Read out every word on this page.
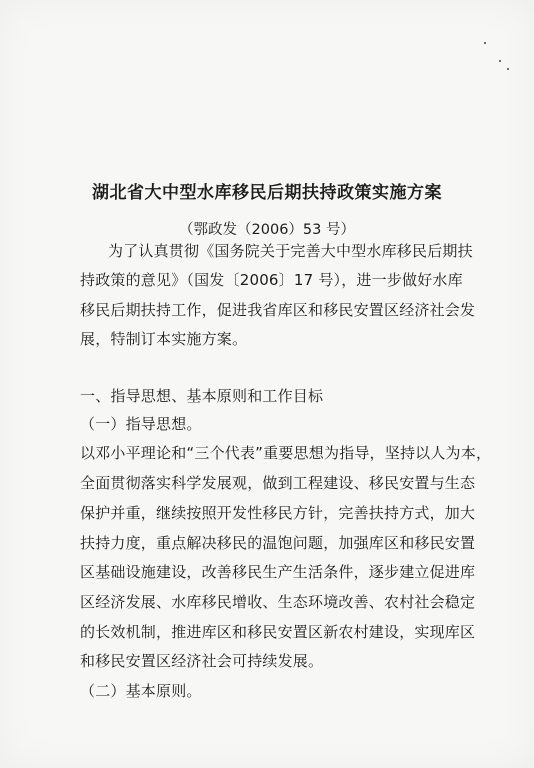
湖北省大中型水库移民后期扶持政策实施方案
（鄂政发（2006）53 号）
为了认真贯彻《国务院关于完善大中型水库移民后期扶
持政策的意见》（国发〔2006〕17 号），进一步做好水库
移民后期扶持工作，促进我省库区和移民安置区经济社会发
展，特制订本实施方案。
一、指导思想、基本原则和工作目标
（一）指导思想。
以邓小平理论和“三个代表”重要思想为指导，坚持以人为本，
全面贯彻落实科学发展观，做到工程建设、移民安置与生态
保护并重，继续按照开发性移民方针，完善扶持方式，加大
扶持力度，重点解决移民的温饱问题，加强库区和移民安置
区基础设施建设，改善移民生产生活条件，逐步建立促进库
区经济发展、水库移民增收、生态环境改善、农村社会稳定
的长效机制，推进库区和移民安置区新农村建设，实现库区
和移民安置区经济社会可持续发展。
（二）基本原则。
